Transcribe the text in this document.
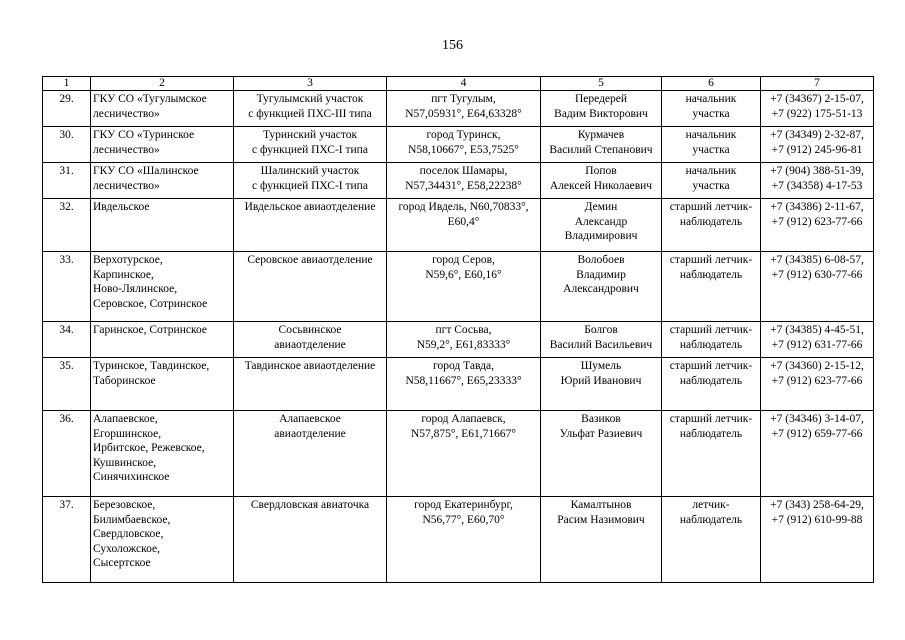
156
1	2	3	4	5	6	7
29.	ГКУ СО «Тугулымское
лесничество»	Тугулымский участок
с функцией ПХС-III типа	пгт Тугулым,
N57,05931°, E64,63328°	Передерей
Вадим Викторович	начальник
участка	+7 (34367) 2-15-07,
+7 (922) 175-51-13

30.	ГКУ СО «Туринское
лесничество»	Туринский участок
с функцией ПХС-I типа	город Туринск,
N58,10667°, E53,7525°	Курмачев
Василий Степанович	начальник
участка	+7 (34349) 2-32-87,
+7 (912) 245-96-81

31.	ГКУ СО «Шалинское
лесничество»	Шалинский участок
с функцией ПХС-I типа	поселок Шамары,
N57,34431°, E58,22238°	Попов
Алексей Николаевич	начальник
участка	+7 (904) 388-51-39,
+7 (34358) 4-17-53

32.	Ивдельское	Ивдельское авиаотделение	город Ивдель, N60,70833°,
E60,4°	Демин
Александр
Владимирович	старший летчик-
наблюдатель	+7 (34386) 2-11-67,
+7 (912) 623-77-66

33.	Верхотурское,
Карпинское,
Ново-Лялинское,
Серовское, Сотринское	Серовское авиаотделение	город Серов,
N59,6°, E60,16°	Волобоев
Владимир
Александрович	старший летчик-
наблюдатель	+7 (34385) 6-08-57,
+7 (912) 630-77-66

34.	Гаринское, Сотринское	Сосьвинское
авиаотделение	пгт Сосьва,
N59,2°, E61,83333°	Болгов
Василий Васильевич	старший летчик-
наблюдатель	+7 (34385) 4-45-51,
+7 (912) 631-77-66

35.	Туринское, Тавдинское,
Таборинское	Тавдинское авиаотделение	город Тавда,
N58,11667°, E65,23333°	Шумель
Юрий Иванович	старший летчик-
наблюдатель	+7 (34360) 2-15-12,
+7 (912) 623-77-66

36.	Алапаевское,
Егоршинское,
Ирбитское, Режевское,
Кушвинское,
Синячихинское	Алапаевское
авиаотделение	город Алапаевск,
N57,875°, E61,71667°	Вазиков
Ульфат Разиевич	старший летчик-
наблюдатель	+7 (34346) 3-14-07,
+7 (912) 659-77-66

37.	Березовское,
Билимбаевское,
Свердловское,
Сухоложское,
Сысертское	Свердловская авиаточка	город Екатеринбург,
N56,77°, E60,70°	Камалтынов
Расим Назимович	летчик-
наблюдатель	+7 (343) 258-64-29,
+7 (912) 610-99-88
